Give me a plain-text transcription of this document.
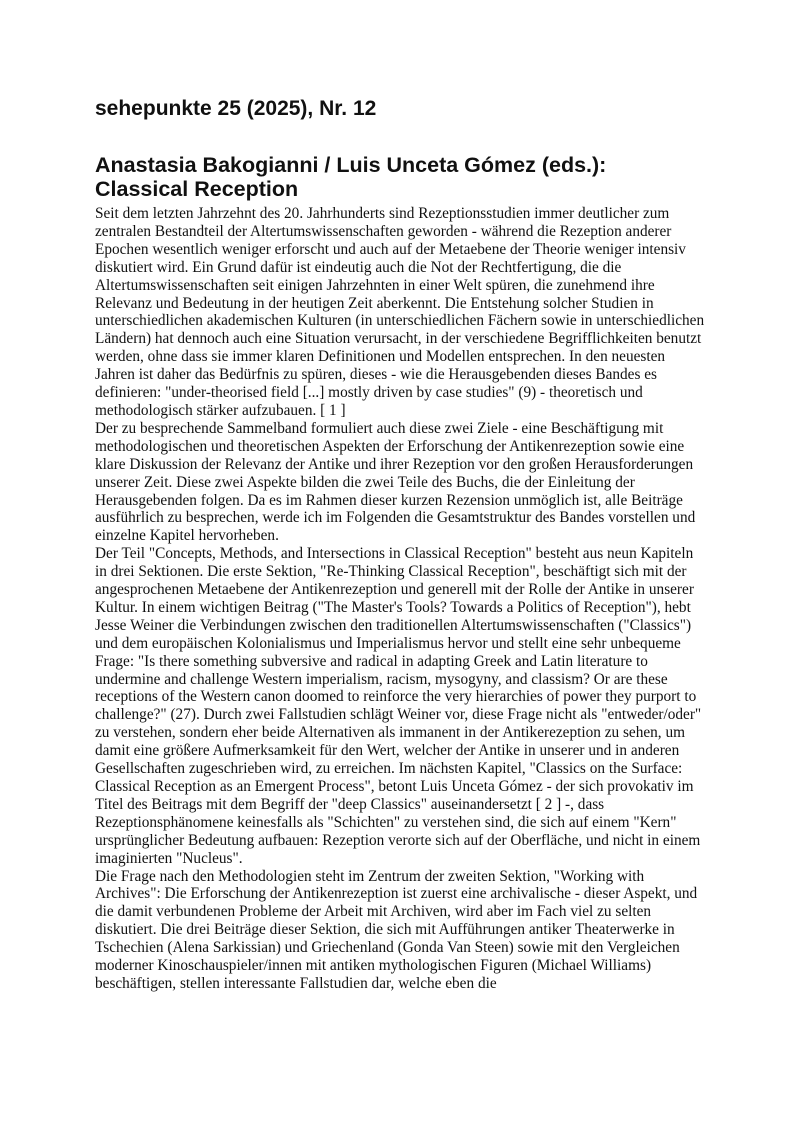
sehepunkte 25 (2025), Nr. 12
Anastasia Bakogianni / Luis Unceta Gómez (eds.):
Classical Reception

Seit dem letzten Jahrzehnt des 20. Jahrhunderts sind Rezeptionsstudien immer deutlicher zum zentralen Bestandteil der Altertumswissenschaften geworden - während die Rezeption anderer Epochen wesentlich weniger erforscht und auch auf der Metaebene der Theorie weniger intensiv diskutiert wird. Ein Grund dafür ist eindeutig auch die Not der Rechtfertigung, die die Altertumswissenschaften seit einigen Jahrzehnten in einer Welt spüren, die zunehmend ihre Relevanz und Bedeutung in der heutigen Zeit aberkennt. Die Entstehung solcher Studien in unterschiedlichen akademischen Kulturen (in unterschiedlichen Fächern sowie in unterschiedlichen Ländern) hat dennoch auch eine Situation verursacht, in der verschiedene Begrifflichkeiten benutzt werden, ohne dass sie immer klaren Definitionen und Modellen entsprechen. In den neuesten Jahren ist daher das Bedürfnis zu spüren, dieses - wie die Herausgebenden dieses Bandes es definieren: "under-theorised field [...] mostly driven by case studies" (9) - theoretisch und methodologisch stärker aufzubauen. [ 1 ]

Der zu besprechende Sammelband formuliert auch diese zwei Ziele - eine Beschäftigung mit methodologischen und theoretischen Aspekten der Erforschung der Antikenrezeption sowie eine klare Diskussion der Relevanz der Antike und ihrer Rezeption vor den großen Herausforderungen unserer Zeit. Diese zwei Aspekte bilden die zwei Teile des Buchs, die der Einleitung der Herausgebenden folgen. Da es im Rahmen dieser kurzen Rezension unmöglich ist, alle Beiträge ausführlich zu besprechen, werde ich im Folgenden die Gesamtstruktur des Bandes vorstellen und einzelne Kapitel hervorheben.

Der Teil "Concepts, Methods, and Intersections in Classical Reception" besteht aus neun Kapiteln in drei Sektionen. Die erste Sektion, "Re-Thinking Classical Reception", beschäftigt sich mit der angesprochenen Metaebene der Antikenrezeption und generell mit der Rolle der Antike in unserer Kultur. In einem wichtigen Beitrag ("The Master's Tools? Towards a Politics of Reception"), hebt Jesse Weiner die Verbindungen zwischen den traditionellen Altertumswissenschaften ("Classics") und dem europäischen Kolonialismus und Imperialismus hervor und stellt eine sehr unbequeme Frage: "Is there something subversive and radical in adapting Greek and Latin literature to undermine and challenge Western imperialism, racism, mysogyny, and classism? Or are these receptions of the Western canon doomed to reinforce the very hierarchies of power they purport to challenge?" (27). Durch zwei Fallstudien schlägt Weiner vor, diese Frage nicht als "entweder/oder" zu verstehen, sondern eher beide Alternativen als immanent in der Antikerezeption zu sehen, um damit eine größere Aufmerksamkeit für den Wert, welcher der Antike in unserer und in anderen Gesellschaften zugeschrieben wird, zu erreichen. Im nächsten Kapitel, "Classics on the Surface: Classical Reception as an Emergent Process", betont Luis Unceta Gómez - der sich provokativ im Titel des Beitrags mit dem Begriff der "deep Classics" auseinandersetzt [ 2 ] -, dass Rezeptionsphänomene keinesfalls als "Schichten" zu verstehen sind, die sich auf einem "Kern" ursprünglicher Bedeutung aufbauen: Rezeption verorte sich auf der Oberfläche, und nicht in einem imaginierten "Nucleus".

Die Frage nach den Methodologien steht im Zentrum der zweiten Sektion, "Working with Archives": Die Erforschung der Antikenrezeption ist zuerst eine archivalische - dieser Aspekt, und die damit verbundenen Probleme der Arbeit mit Archiven, wird aber im Fach viel zu selten diskutiert. Die drei Beiträge dieser Sektion, die sich mit Aufführungen antiker Theaterwerke in Tschechien (Alena Sarkissian) und Griechenland (Gonda Van Steen) sowie mit den Vergleichen moderner Kinoschauspieler/innen mit antiken mythologischen Figuren (Michael Williams) beschäftigen, stellen interessante Fallstudien dar, welche eben die
